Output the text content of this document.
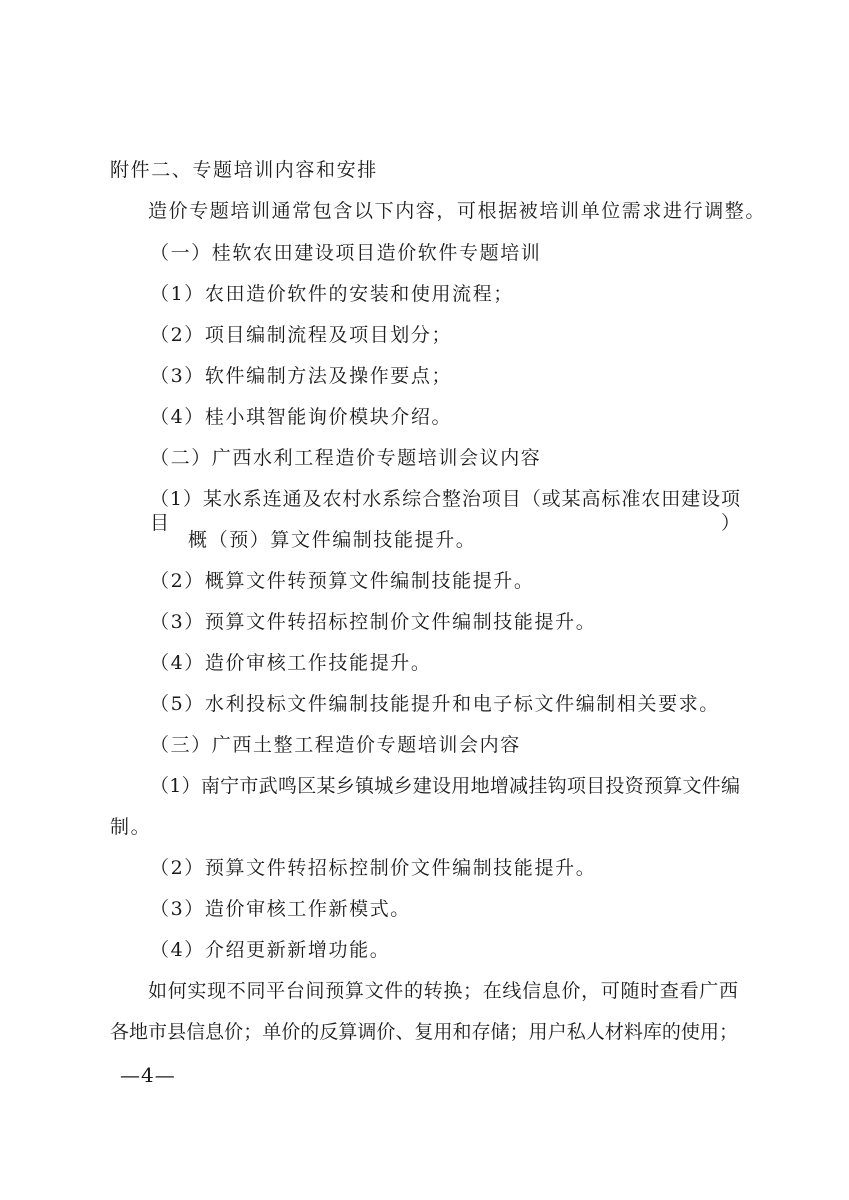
附件二、专题培训内容和安排
造价专题培训通常包含以下内容，可根据被培训单位需求进行调整。
（一）桂软农田建设项目造价软件专题培训
（1）农田造价软件的安装和使用流程；
（2）项目编制流程及项目划分；
（3）软件编制方法及操作要点；
（4）桂小琪智能询价模块介绍。
（二）广西水利工程造价专题培训会议内容
（1）某水系连通及农村水系综合整治项目（或某高标准农田建设项目）
概（预）算文件编制技能提升。
（2）概算文件转预算文件编制技能提升。
（3）预算文件转招标控制价文件编制技能提升。
（4）造价审核工作技能提升。
（5）水利投标文件编制技能提升和电子标文件编制相关要求。
（三）广西土整工程造价专题培训会内容
（1）南宁市武鸣区某乡镇城乡建设用地增减挂钩项目投资预算文件编
制。
（2）预算文件转招标控制价文件编制技能提升。
（3）造价审核工作新模式。
（4）介绍更新新增功能。
如何实现不同平台间预算文件的转换；在线信息价，可随时查看广西
各地市县信息价；单价的反算调价、复用和存储；用户私人材料库的使用；
—4—
